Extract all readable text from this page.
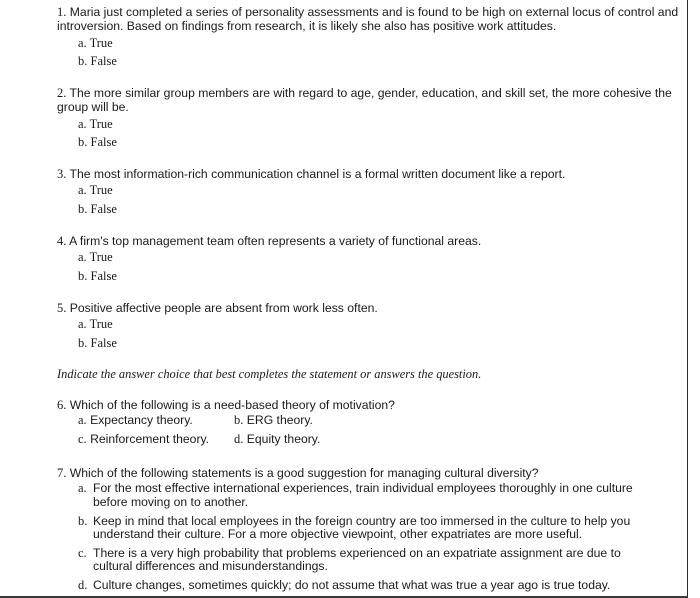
1. Maria just completed a series of personality assessments and is found to be high on external locus of control and introversion. Based on findings from research, it is likely she also has positive work attitudes.

a. True

b. False

2. The more similar group members are with regard to age, gender, education, and skill set, the more cohesive the group will be.

a. True

b. False

3. The most information-rich communication channel is a formal written document like a report.

a. True

b. False

4. A firm's top management team often represents a variety of functional areas.

a. True

b. False

5. Positive affective people are absent from work less often.

a. True

b. False

Indicate the answer choice that best completes the statement or answers the question.

6. Which of the following is a need-based theory of motivation?

a. Expectancy theory.	b. ERG theory.
c. Reinforcement theory. d. Equity theory.

7. Which of the following statements is a good suggestion for managing cultural diversity?

a. For the most effective international experiences, train individual employees thoroughly in one culture before moving on to another.

b. Keep in mind that local employees in the foreign country are too immersed in the culture to help you understand their culture. For a more objective viewpoint, other expatriates are more useful.

c. There is a very high probability that problems experienced on an expatriate assignment are due to cultural differences and misunderstandings.

d. Culture changes, sometimes quickly; do not assume that what was true a year ago is true today.
